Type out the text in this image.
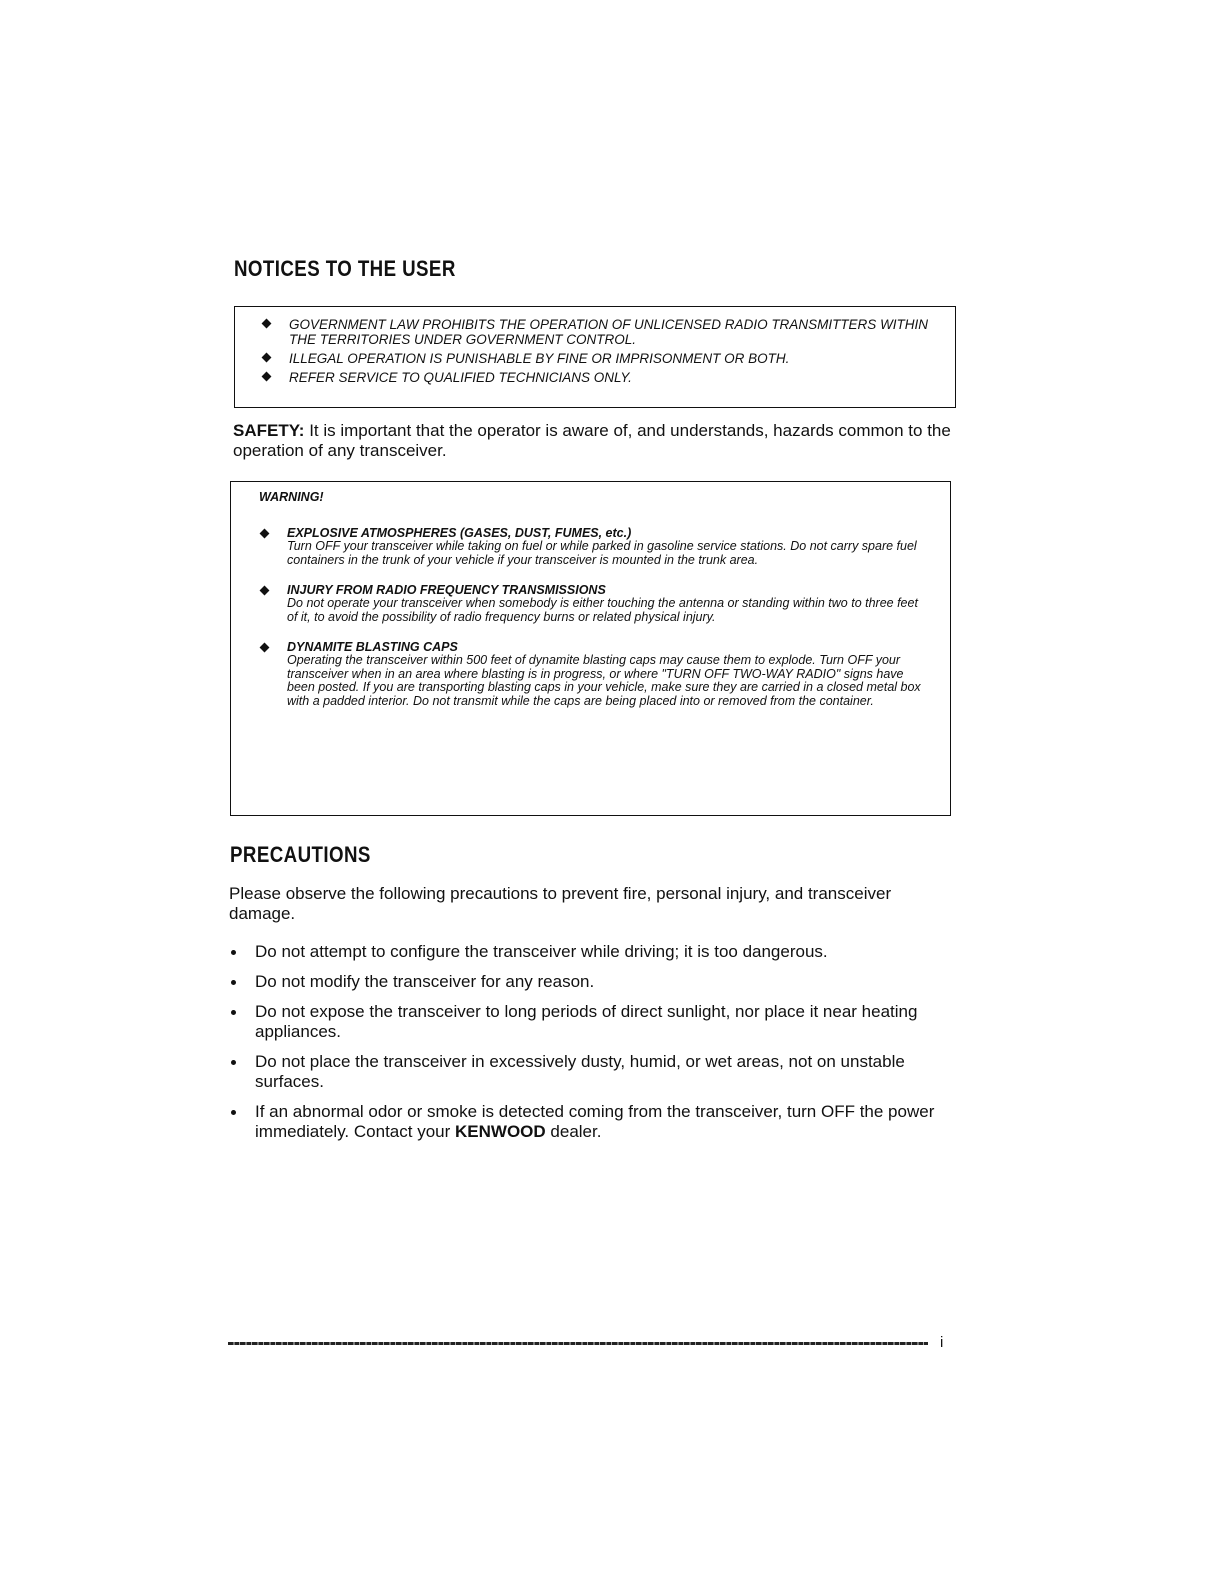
NOTICES TO THE USER
GOVERNMENT LAW PROHIBITS THE OPERATION OF UNLICENSED RADIO TRANSMITTERS WITHIN THE TERRITORIES UNDER GOVERNMENT CONTROL.
ILLEGAL OPERATION IS PUNISHABLE BY FINE OR IMPRISONMENT OR BOTH.
REFER SERVICE TO QUALIFIED TECHNICIANS ONLY.
SAFETY: It is important that the operator is aware of, and understands, hazards common to the operation of any transceiver.
WARNING!
EXPLOSIVE ATMOSPHERES (GASES, DUST, FUMES, etc.)
Turn OFF your transceiver while taking on fuel or while parked in gasoline service stations. Do not carry spare fuel containers in the trunk of your vehicle if your transceiver is mounted in the trunk area.
INJURY FROM RADIO FREQUENCY TRANSMISSIONS
Do not operate your transceiver when somebody is either touching the antenna or standing within two to three feet of it, to avoid the possibility of radio frequency burns or related physical injury.
DYNAMITE BLASTING CAPS
Operating the transceiver within 500 feet of dynamite blasting caps may cause them to explode. Turn OFF your transceiver when in an area where blasting is in progress, or where "TURN OFF TWO-WAY RADIO" signs have been posted. If you are transporting blasting caps in your vehicle, make sure they are carried in a closed metal box with a padded interior. Do not transmit while the caps are being placed into or removed from the container.
PRECAUTIONS
Please observe the following precautions to prevent fire, personal injury, and transceiver damage.
Do not attempt to configure the transceiver while driving; it is too dangerous.
Do not modify the transceiver for any reason.
Do not expose the transceiver to long periods of direct sunlight, nor place it near heating appliances.
Do not place the transceiver in excessively dusty, humid, or wet areas, not on unstable surfaces.
If an abnormal odor or smoke is detected coming from the transceiver, turn OFF the power immediately. Contact your KENWOOD dealer.
i
